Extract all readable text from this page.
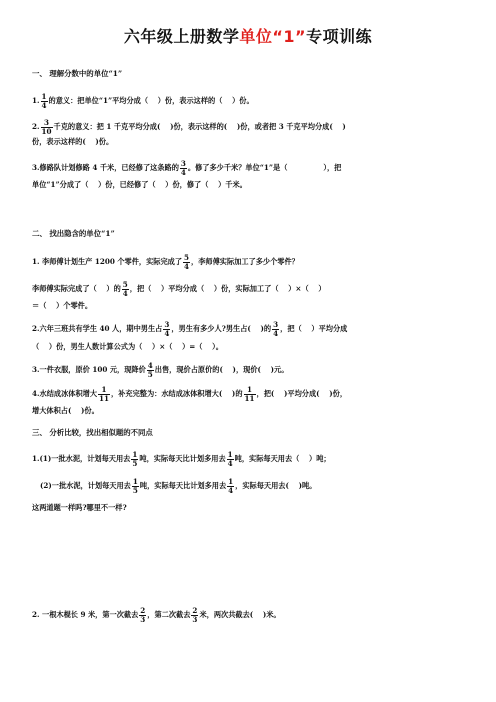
六年级上册数学单位“1”专项训练
一、 理解分数中的单位“1”
1. $\frac{1}{4}$ 的意义：把单位“1”平均分成（　 ）份，表示这样的（　 ）份。
2. $\frac{3}{10}$ 千克的意义：把 1 千克平均分成(　 )份，表示这样的(　 )份，或者把 3 千克平均分成(　 )
份，表示这样的(　 )份。
3.修路队计划修路 4 千米，已经修了这条路的 $\frac{3}{4}$ 。修了多少千米？单位“1”是（　　　　　），把
单位“1”分成了（　 ）份，已经修了（　 ）份，修了（　 ）千米。
二、 找出隐含的单位“1”
1. 李师傅计划生产 1200 个零件，实际完成了 $\frac{5}{4}$ ，李师傅实际加工了多少个零件？
李师傅实际完成了（　 ）的 $\frac{5}{4}$ ，把（　 ）平均分成（　 ）份，实际加工了（　 ）×（　 ）
＝（　 ）个零件。
2.六年三班共有学生 40 人，期中男生占 $\frac{3}{4}$ ，男生有多少人?男生占(　 )的 $\frac{3}{4}$ ，把（　 ）平均分成
（　 ）份，男生人数计算公式为（　 ）×（　 ）=（　 ）。
3.一件衣服，原价 100 元，现降价 $\frac{4}{5}$ 出售，现价占原价的(　 )，现价(　 )元。
4.水结成冰体积增大 $\frac{1}{11}$ ，补充完整为：水结成冰体积增大(　 )的 $\frac{1}{11}$ ，把(　 )平均分成(　 )份，
增大体积占(　 )份。
三、 分析比较，找出相似题的不同点
1.(1)一批水泥，计划每天用去 $\frac{1}{5}$ 吨，实际每天比计划多用去 $\frac{1}{4}$ 吨，实际每天用去（　 ）吨；
(2)一批水泥，计划每天用去 $\frac{1}{5}$ 吨，实际每天比计划多用去 $\frac{1}{4}$ ，实际每天用去(　 )吨。
这两道题一样吗?哪里不一样?
2. 一根木棍长 9 米，第一次截去 $\frac{2}{3}$ ，第二次截去 $\frac{2}{3}$ 米，两次共截去(　 )米。
